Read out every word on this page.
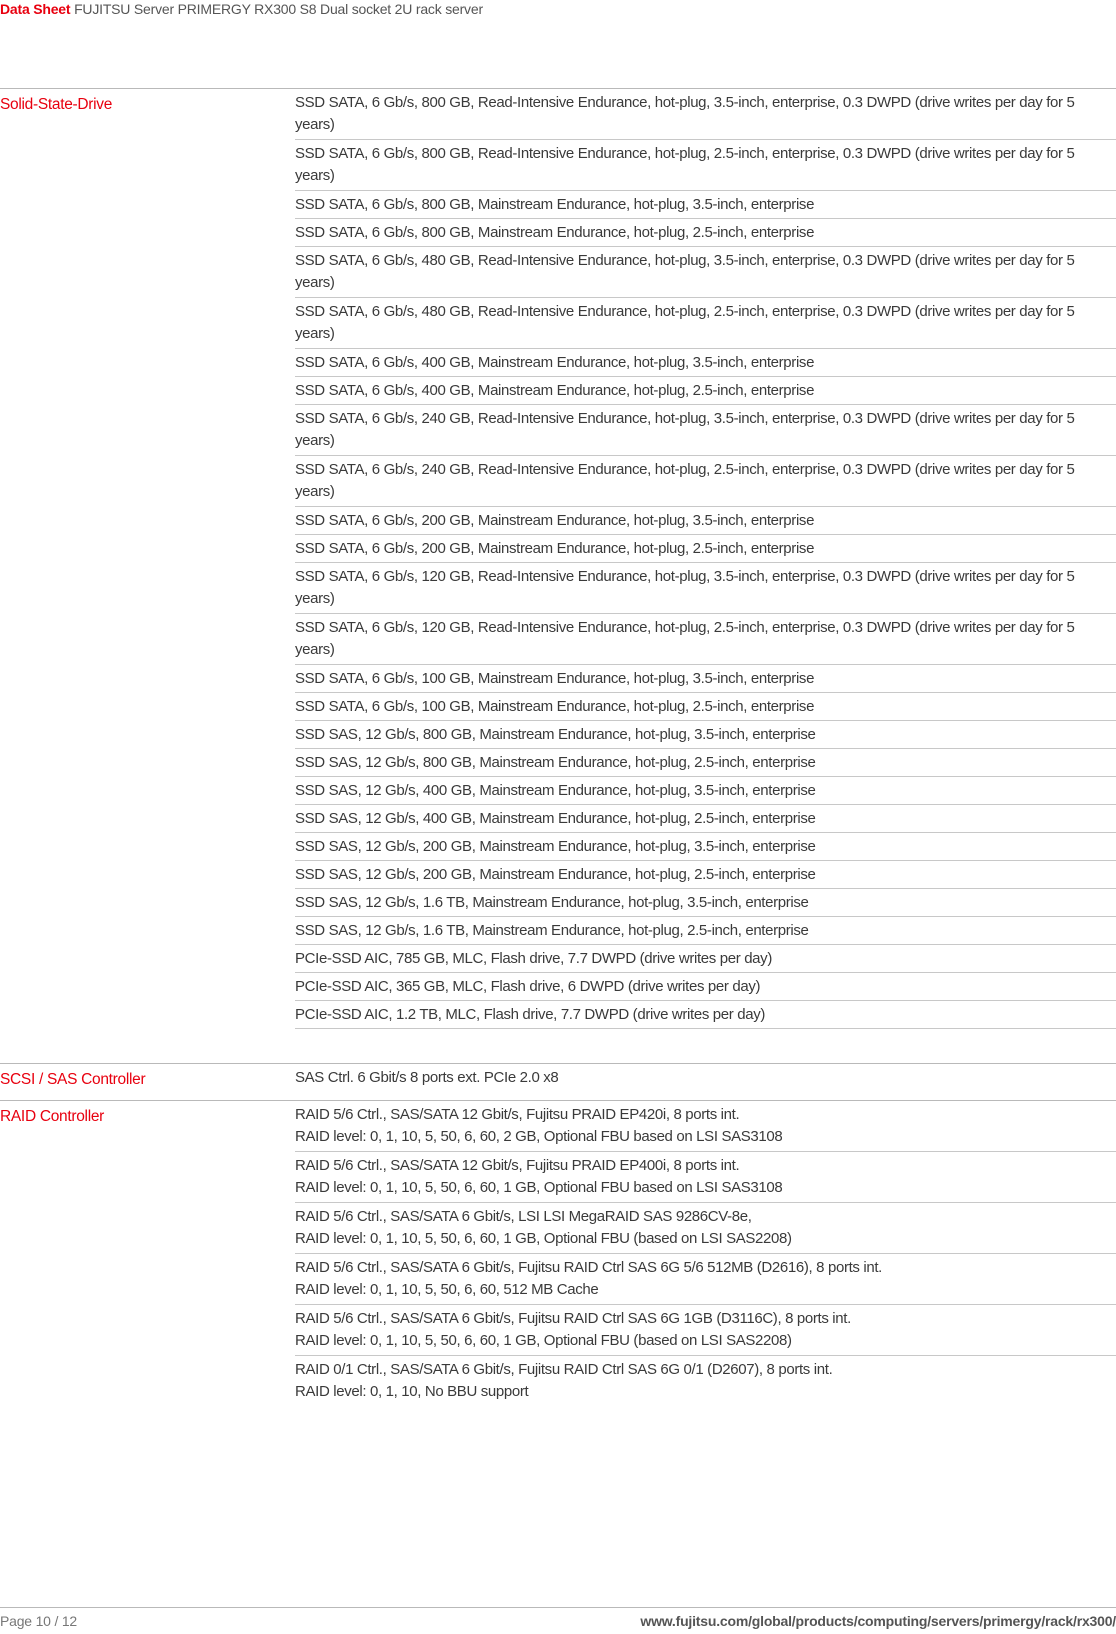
Data Sheet FUJITSU Server PRIMERGY RX300 S8 Dual socket 2U rack server
Solid-State-Drive	SSD SATA, 6 Gb/s, 800 GB, Read-Intensive Endurance, hot-plug, 3.5-inch, enterprise, 0.3 DWPD (drive writes per day for 5 years)
SSD SATA, 6 Gb/s, 800 GB, Read-Intensive Endurance, hot-plug, 2.5-inch, enterprise, 0.3 DWPD (drive writes per day for 5 years)
SSD SATA, 6 Gb/s, 800 GB, Mainstream Endurance, hot-plug, 3.5-inch, enterprise
SSD SATA, 6 Gb/s, 800 GB, Mainstream Endurance, hot-plug, 2.5-inch, enterprise
SSD SATA, 6 Gb/s, 480 GB, Read-Intensive Endurance, hot-plug, 3.5-inch, enterprise, 0.3 DWPD (drive writes per day for 5 years)
SSD SATA, 6 Gb/s, 480 GB, Read-Intensive Endurance, hot-plug, 2.5-inch, enterprise, 0.3 DWPD (drive writes per day for 5 years)
SSD SATA, 6 Gb/s, 400 GB, Mainstream Endurance, hot-plug, 3.5-inch, enterprise
SSD SATA, 6 Gb/s, 400 GB, Mainstream Endurance, hot-plug, 2.5-inch, enterprise
SSD SATA, 6 Gb/s, 240 GB, Read-Intensive Endurance, hot-plug, 3.5-inch, enterprise, 0.3 DWPD (drive writes per day for 5 years)
SSD SATA, 6 Gb/s, 240 GB, Read-Intensive Endurance, hot-plug, 2.5-inch, enterprise, 0.3 DWPD (drive writes per day for 5 years)
SSD SATA, 6 Gb/s, 200 GB, Mainstream Endurance, hot-plug, 3.5-inch, enterprise
SSD SATA, 6 Gb/s, 200 GB, Mainstream Endurance, hot-plug, 2.5-inch, enterprise
SSD SATA, 6 Gb/s, 120 GB, Read-Intensive Endurance, hot-plug, 3.5-inch, enterprise, 0.3 DWPD (drive writes per day for 5 years)
SSD SATA, 6 Gb/s, 120 GB, Read-Intensive Endurance, hot-plug, 2.5-inch, enterprise, 0.3 DWPD (drive writes per day for 5 years)
SSD SATA, 6 Gb/s, 100 GB, Mainstream Endurance, hot-plug, 3.5-inch, enterprise
SSD SATA, 6 Gb/s, 100 GB, Mainstream Endurance, hot-plug, 2.5-inch, enterprise
SSD SAS, 12 Gb/s, 800 GB, Mainstream Endurance, hot-plug, 3.5-inch, enterprise
SSD SAS, 12 Gb/s, 800 GB, Mainstream Endurance, hot-plug, 2.5-inch, enterprise
SSD SAS, 12 Gb/s, 400 GB, Mainstream Endurance, hot-plug, 3.5-inch, enterprise
SSD SAS, 12 Gb/s, 400 GB, Mainstream Endurance, hot-plug, 2.5-inch, enterprise
SSD SAS, 12 Gb/s, 200 GB, Mainstream Endurance, hot-plug, 3.5-inch, enterprise
SSD SAS, 12 Gb/s, 200 GB, Mainstream Endurance, hot-plug, 2.5-inch, enterprise
SSD SAS, 12 Gb/s, 1.6 TB, Mainstream Endurance, hot-plug, 3.5-inch, enterprise
SSD SAS, 12 Gb/s, 1.6 TB, Mainstream Endurance, hot-plug, 2.5-inch, enterprise
PCIe-SSD AIC, 785 GB, MLC, Flash drive, 7.7 DWPD (drive writes per day)
PCIe-SSD AIC, 365 GB, MLC, Flash drive, 6 DWPD (drive writes per day)
PCIe-SSD AIC, 1.2 TB, MLC, Flash drive, 7.7 DWPD (drive writes per day)
SCSI / SAS Controller	SAS Ctrl. 6 Gbit/s 8 ports ext. PCIe 2.0 x8
RAID Controller	RAID 5/6 Ctrl., SAS/SATA 12 Gbit/s, Fujitsu PRAID EP420i, 8 ports int.
RAID level: 0, 1, 10, 5, 50, 6, 60, 2 GB, Optional FBU based on LSI SAS3108
RAID 5/6 Ctrl., SAS/SATA 12 Gbit/s, Fujitsu PRAID EP400i, 8 ports int.
RAID level: 0, 1, 10, 5, 50, 6, 60, 1 GB, Optional FBU based on LSI SAS3108
RAID 5/6 Ctrl., SAS/SATA 6 Gbit/s, LSI LSI MegaRAID SAS 9286CV-8e,
RAID level: 0, 1, 10, 5, 50, 6, 60, 1 GB, Optional FBU (based on LSI SAS2208)
RAID 5/6 Ctrl., SAS/SATA 6 Gbit/s, Fujitsu RAID Ctrl SAS 6G 5/6 512MB (D2616), 8 ports int.
RAID level: 0, 1, 10, 5, 50, 6, 60, 512 MB Cache
RAID 5/6 Ctrl., SAS/SATA 6 Gbit/s, Fujitsu RAID Ctrl SAS 6G 1GB (D3116C), 8 ports int.
RAID level: 0, 1, 10, 5, 50, 6, 60, 1 GB, Optional FBU (based on LSI SAS2208)
RAID 0/1 Ctrl., SAS/SATA 6 Gbit/s, Fujitsu RAID Ctrl SAS 6G 0/1 (D2607), 8 ports int.
RAID level: 0, 1, 10, No BBU support
Page 10 / 12	www.fujitsu.com/global/products/computing/servers/primergy/rack/rx300/
